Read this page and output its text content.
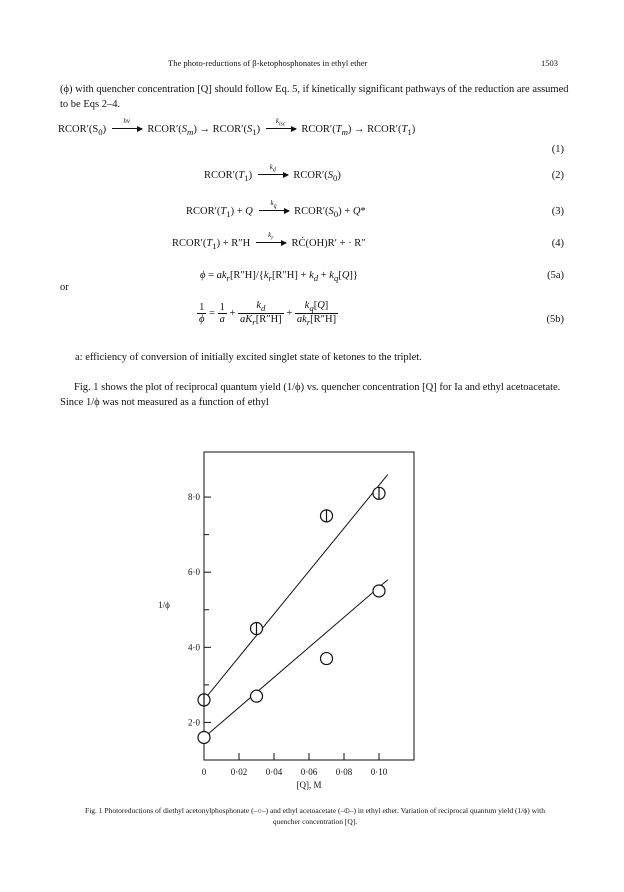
The photo-reductions of β-ketophosphonates in ethyl ether	1503
(ϕ) with quencher concentration [Q] should follow Eq. 5, if kinetically significant pathways of the reduction are assumed to be Eqs 2–4.
$RCOR'(S_0)$
hν
$RCOR'(S_m)$ → $RCOR'(S_1)$
$k_{isc}$	$RCOR'(T_m)$ → $RCOR'(T_1)$
(1)
$RCOR'(T_1)$
$k_d$	$RCOR'(S_0)$	(2)
$RCOR'(T_1) + Q$
$k_q$	$RCOR'(S_0) + Q*$	(3)
$RCOR'(T_1) + R''H$
$k_r$	RĊ(OH)R′ + · R″	(4)
$\phi = ak_r[R''H]/\{k_r[R''H] + k_d + k_q[Q]\}$	(5a)
or
$\frac{1}{\phi} = \frac{1}{a} + \frac{k_d}{aK_r[R''H]} + \frac{k_q[Q]}{ak_r[R''H]}$	(5b)
a: efficiency of conversion of initially excited singlet state of ketones to the triplet.
Fig. 1 shows the plot of reciprocal quantum yield (1/ϕ) vs. quencher concentration [Q] for Ia and ethyl acetoacetate. Since 1/ϕ was not measured as a function of ethyl
0	0·02 0·04 0·06 0·08 0·10
2·0
4·0
6·0
8·0
[Q], M
1/ϕ
Fig. 1 Photoreductions of diethyl acetonylphosphonate (–○–) and ethyl acetoacetate (–⦶–) in ethyl ether. Variation of reciprocal quantum yield (1/ϕ) with quencher concentration [Q].
